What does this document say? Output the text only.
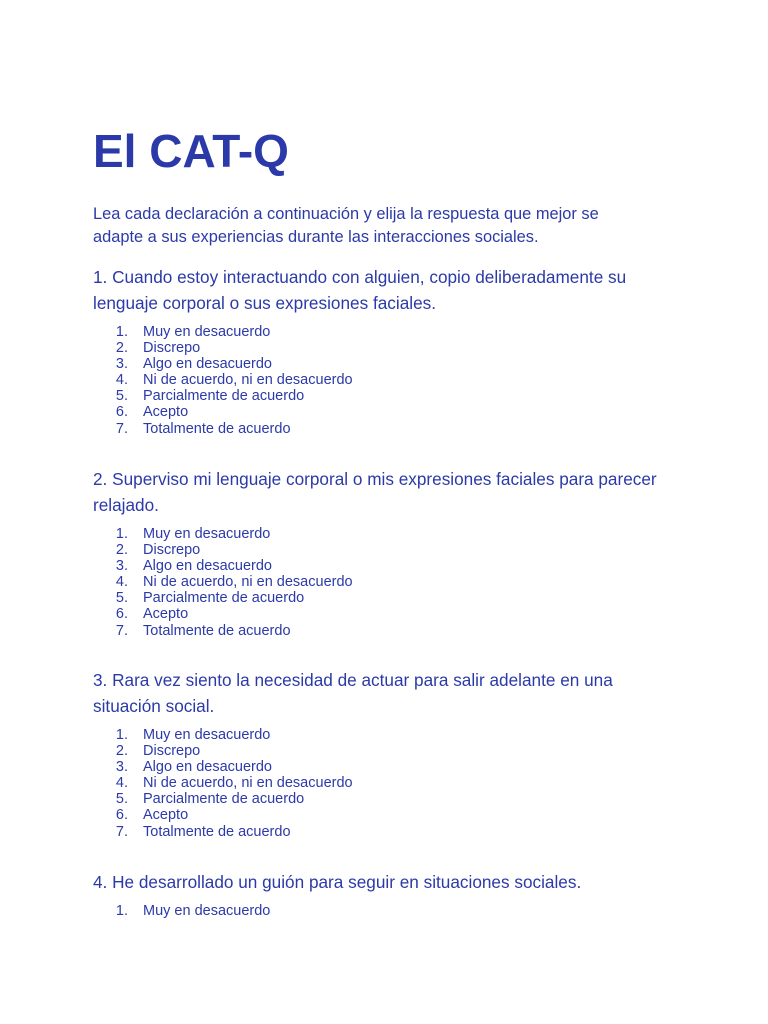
El CAT-Q

Lea cada declaración a continuación y elija la respuesta que mejor se adapte a sus experiencias durante las interacciones sociales.

1. Cuando estoy interactuando con alguien, copio deliberadamente su lenguaje corporal o sus expresiones faciales.

1. Muy en desacuerdo
2. Discrepo
3. Algo en desacuerdo
4. Ni de acuerdo, ni en desacuerdo
5. Parcialmente de acuerdo
6. Acepto
7. Totalmente de acuerdo

2. Superviso mi lenguaje corporal o mis expresiones faciales para parecer relajado.

1. Muy en desacuerdo
2. Discrepo
3. Algo en desacuerdo
4. Ni de acuerdo, ni en desacuerdo
5. Parcialmente de acuerdo
6. Acepto
7. Totalmente de acuerdo

3. Rara vez siento la necesidad de actuar para salir adelante en una situación social.

1. Muy en desacuerdo
2. Discrepo
3. Algo en desacuerdo
4. Ni de acuerdo, ni en desacuerdo
5. Parcialmente de acuerdo
6. Acepto
7. Totalmente de acuerdo

4. He desarrollado un guión para seguir en situaciones sociales.

1. Muy en desacuerdo
